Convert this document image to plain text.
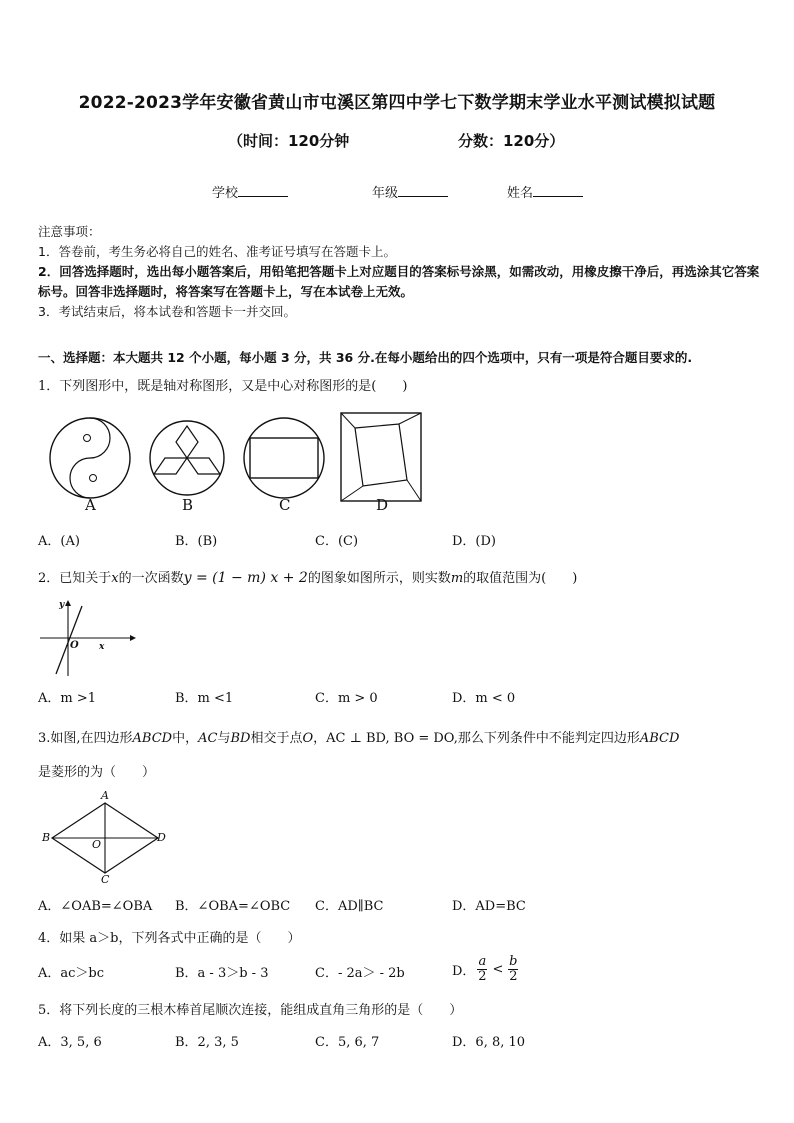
2022-2023学年安徽省黄山市屯溪区第四中学七下数学期末学业水平测试模拟试题
（时间：120分钟	分数：120分）
学校	年级	姓名
注意事项：
1．答卷前，考生务必将自己的姓名、准考证号填写在答题卡上。
2．回答选择题时，选出每小题答案后，用铅笔把答题卡上对应题目的答案标号涂黑，如需改动，用橡皮擦干净后，再选涂其它答案标号。回答非选择题时，将答案写在答题卡上，写在本试卷上无效。
3．考试结束后，将本试卷和答题卡一并交回。
一、选择题：本大题共 12 个小题，每小题 3 分，共 36 分.在每小题给出的四个选项中，只有一项是符合题目要求的.
1．下列图形中，既是轴对称图形，又是中心对称图形的是(　　)
A	B	C	D
A．(A)	B．(B)	C．(C)	D．(D)
2．已知关于x的一次函数y = (1 − m) x + 2的图象如图所示，则实数m的取值范围为(　　)
y
x
O
A．m >1	B．m <1	C．m > 0	D．m < 0
3.如图,在四边形ABCD中，AC与BD相交于点O，AC ⊥ BD, BO = DO,那么下列条件中不能判定四边形ABCD
是菱形的为（　　）
A
B
C
D
O
A．∠OAB=∠OBA B．∠OBA=∠OBC C．AD∥BC	D．AD=BC
4．如果 a＞b，下列各式中正确的是（　　）
A．ac＞bc	B．a - 3＞b - 3	C．- 2a＞ - 2b	D．
a
2 <
b
2
5．将下列长度的三根木棒首尾顺次连接，能组成直角三角形的是（　　）
A．3, 5, 6	B．2, 3, 5	C．5, 6, 7	D．6, 8, 10
